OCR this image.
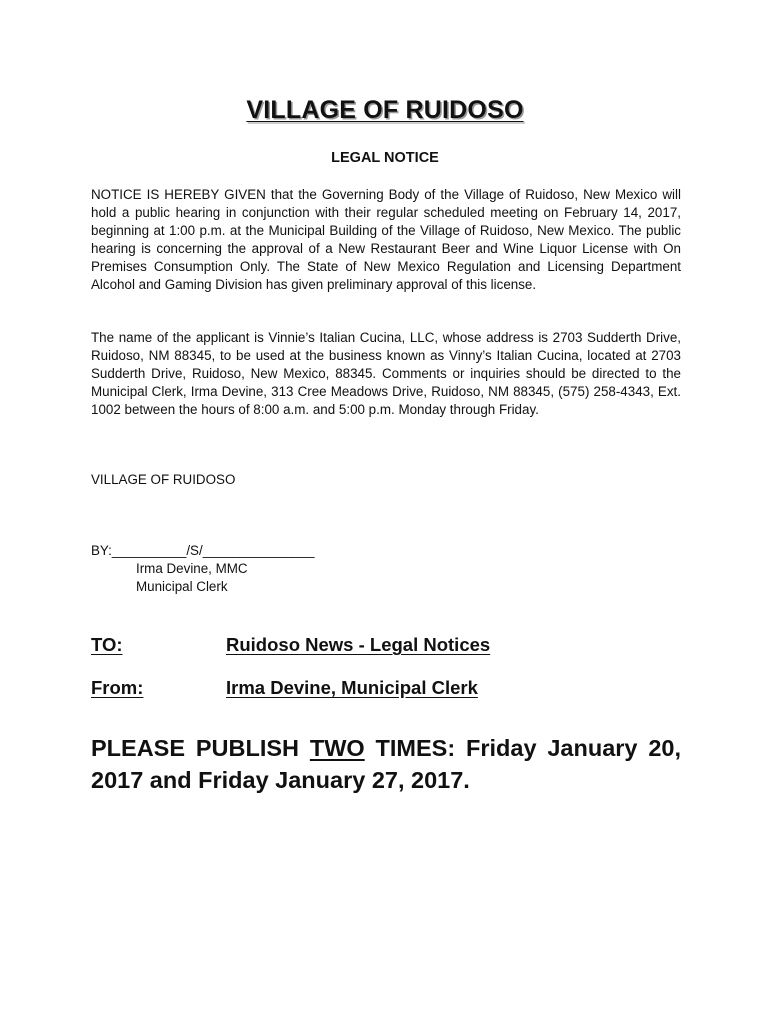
VILLAGE OF RUIDOSO
LEGAL NOTICE

NOTICE IS HEREBY GIVEN that the Governing Body of the Village of Ruidoso, New Mexico will hold a public hearing in conjunction with their regular scheduled meeting on February 14, 2017, beginning at 1:00 p.m. at the Municipal Building of the Village of Ruidoso, New Mexico. The public hearing is concerning the approval of a New Restaurant Beer and Wine Liquor License with On Premises Consumption Only. The State of New Mexico Regulation and Licensing Department Alcohol and Gaming Division has given preliminary approval of this license.

The name of the applicant is Vinnie’s Italian Cucina, LLC, whose address is 2703 Sudderth Drive, Ruidoso, NM 88345, to be used at the business known as Vinny’s Italian Cucina, located at 2703 Sudderth Drive, Ruidoso, New Mexico, 88345. Comments or inquiries should be directed to the Municipal Clerk, Irma Devine, 313 Cree Meadows Drive, Ruidoso, NM 88345, (575) 258-4343, Ext. 1002 between the hours of 8:00 a.m. and 5:00 p.m. Monday through Friday.

VILLAGE OF RUIDOSO
BY:__________/S/_______________
Irma Devine, MMC
Municipal Clerk
TO:	Ruidoso News - Legal Notices
From:	Irma Devine, Municipal Clerk
PLEASE PUBLISH TWO TIMES: Friday January 20, 2017 and Friday January 27, 2017.
